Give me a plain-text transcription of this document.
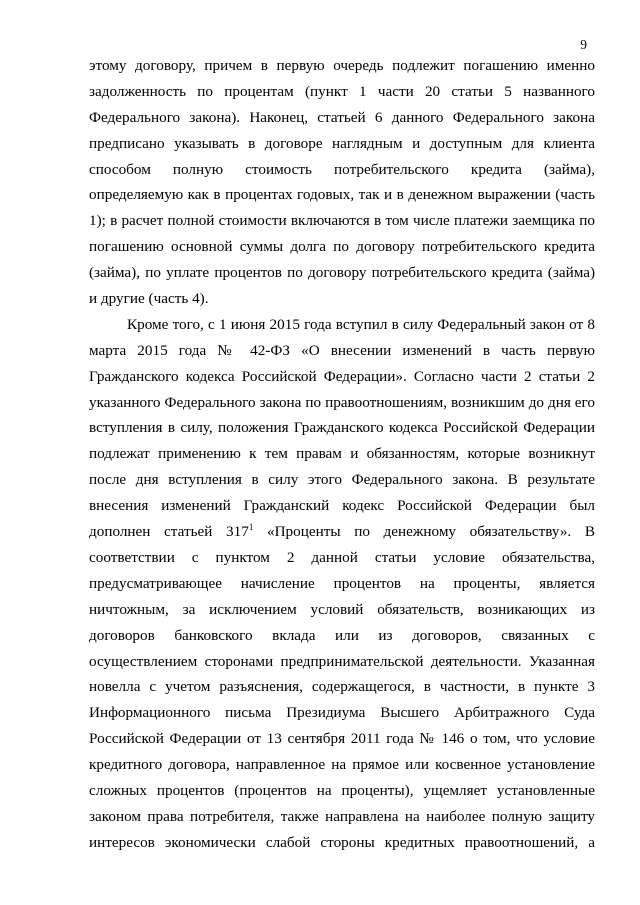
9
этому договору, причем в первую очередь подлежит погашению именно
задолженность по процентам (пункт 1 части 20 статьи 5 названного
Федерального закона). Наконец, статьей 6 данного Федерального закона
предписано указывать в договоре наглядным и доступным для клиента
способом полную стоимость потребительского кредита (займа),
определяемую как в процентах годовых, так и в денежном выражении (часть
1); в расчет полной стоимости включаются в том числе платежи заемщика по
погашению основной суммы долга по договору потребительского кредита
(займа), по уплате процентов по договору потребительского кредита (займа)
и другие (часть 4).
Кроме того, с 1 июня 2015 года вступил в силу Федеральный закон от 8
марта 2015 года № 42-ФЗ «О внесении изменений в часть первую
Гражданского кодекса Российской Федерации». Согласно части 2 статьи 2
указанного Федерального закона по правоотношениям, возникшим до дня его
вступления в силу, положения Гражданского кодекса Российской Федерации
подлежат применению к тем правам и обязанностям, которые возникнут
после дня вступления в силу этого Федерального закона. В результате
внесения изменений Гражданский кодекс Российской Федерации был
дополнен статьей $317^1$ «Проценты по денежному обязательству». В
соответствии с пунктом 2 данной статьи условие обязательства,
предусматривающее начисление процентов на проценты, является
ничтожным, за исключением условий обязательств, возникающих из
договоров банковского вклада или из договоров, связанных с
осуществлением сторонами предпринимательской деятельности. Указанная
новелла с учетом разъяснения, содержащегося, в частности, в пункте 3
Информационного письма Президиума Высшего Арбитражного Суда
Российской Федерации от 13 сентября 2011 года № 146 о том, что условие
кредитного договора, направленное на прямое или косвенное установление
сложных процентов (процентов на проценты), ущемляет установленные
законом права потребителя, также направлена на наиболее полную защиту
интересов экономически слабой стороны кредитных правоотношений, а
